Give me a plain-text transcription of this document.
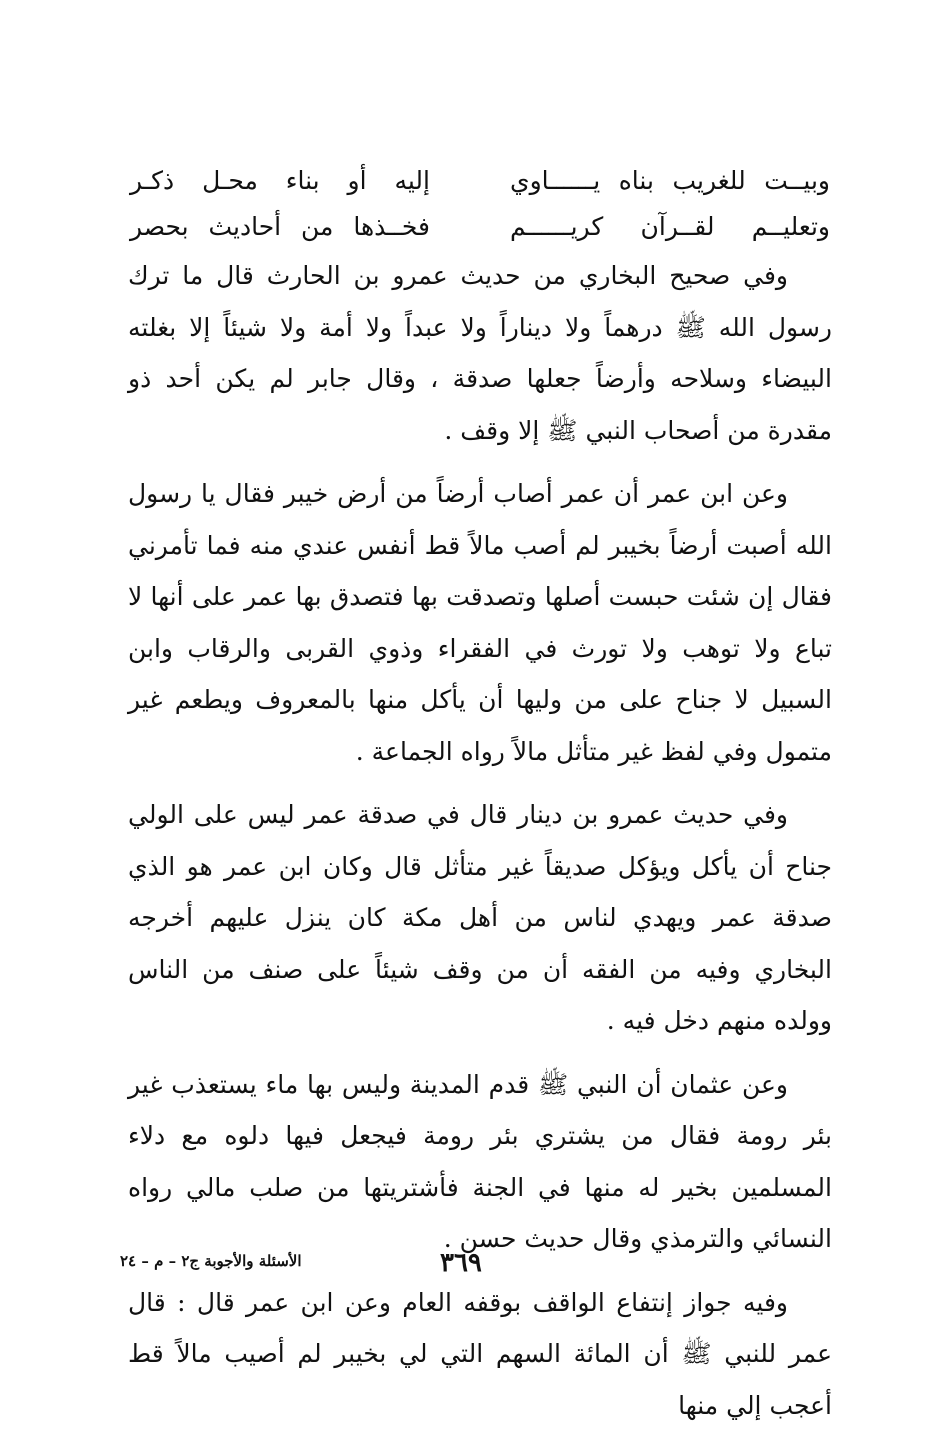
وبيــت للغريب بناه يــــــاوي
إليه أو بناء محـل ذكـر
وتعليــم لقــرآن كريــــــم
فخــذها من أحاديث بحصر

وفي صحيح البخاري من حديث عمرو بن الحارث قال ما ترك رسول الله ﷺ درهماً ولا ديناراً ولا عبداً ولا أمة ولا شيئاً إلا بغلته البيضاء وسلاحه وأرضاً جعلها صدقة ، وقال جابر لم يكن أحد ذو مقدرة من أصحاب النبي ﷺ إلا وقف .

وعن ابن عمر أن عمر أصاب أرضاً من أرض خيبر فقال يا رسول الله أصبت أرضاً بخيبر لم أصب مالاً قط أنفس عندي منه فما تأمرني فقال إن شئت حبست أصلها وتصدقت بها فتصدق بها عمر على أنها لا تباع ولا توهب ولا تورث في الفقراء وذوي القربى والرقاب وابن السبيل لا جناح على من وليها أن يأكل منها بالمعروف ويطعم غير متمول وفي لفظ غير متأثل مالاً رواه الجماعة .

وفي حديث عمرو بن دينار قال في صدقة عمر ليس على الولي جناح أن يأكل ويؤكل صديقاً غير متأثل قال وكان ابن عمر هو الذي صدقة عمر ويهدي لناس من أهل مكة كان ينزل عليهم أخرجه البخاري وفيه من الفقه أن من وقف شيئاً على صنف من الناس وولده منهم دخل فيه .

وعن عثمان أن النبي ﷺ قدم المدينة وليس بها ماء يستعذب غير بئر رومة فقال من يشتري بئر رومة فيجعل فيها دلوه مع دلاء المسلمين بخير له منها في الجنة فأشتريتها من صلب مالي رواه النسائي والترمذي وقال حديث حسن .

وفيه جواز إنتفاع الواقف بوقفه العام وعن ابن عمر قال : قال عمر للنبي ﷺ أن المائة السهم التي لي بخيبر لم أصيب مالاً قط أعجب إلي منها

٣٦٩
الأسئلة والأجوبة ج٢ – م – ٢٤
